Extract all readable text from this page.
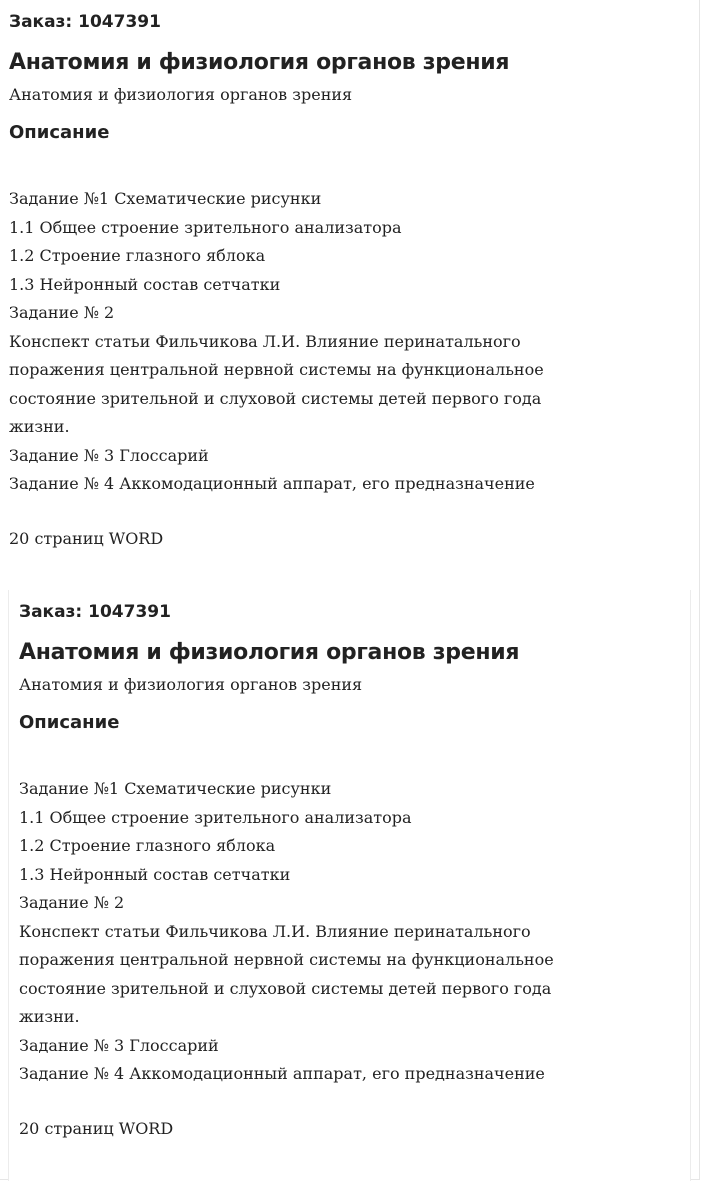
Заказ: 1047391

Анатомия и физиология органов зрения

Анатомия и физиология органов зрения

Описание

Задание №1 Схематические рисунки

1.1 Общее строение зрительного анализатора

1.2 Строение глазного яблока

1.3 Нейронный состав сетчатки

Задание № 2

Конспект статьи Фильчикова Л.И. Влияние перинатального

поражения центральной нервной системы на функциональное

состояние зрительной и слуховой системы детей первого года

жизни.

Задание № 3 Глоссарий

Задание № 4 Аккомодационный аппарат, его предназначение

20 страниц WORD

Заказ: 1047391

Анатомия и физиология органов зрения

Анатомия и физиология органов зрения

Описание

Задание №1 Схематические рисунки

1.1 Общее строение зрительного анализатора

1.2 Строение глазного яблока

1.3 Нейронный состав сетчатки

Задание № 2

Конспект статьи Фильчикова Л.И. Влияние перинатального

поражения центральной нервной системы на функциональное

состояние зрительной и слуховой системы детей первого года

жизни.

Задание № 3 Глоссарий

Задание № 4 Аккомодационный аппарат, его предназначение

20 страниц WORD
